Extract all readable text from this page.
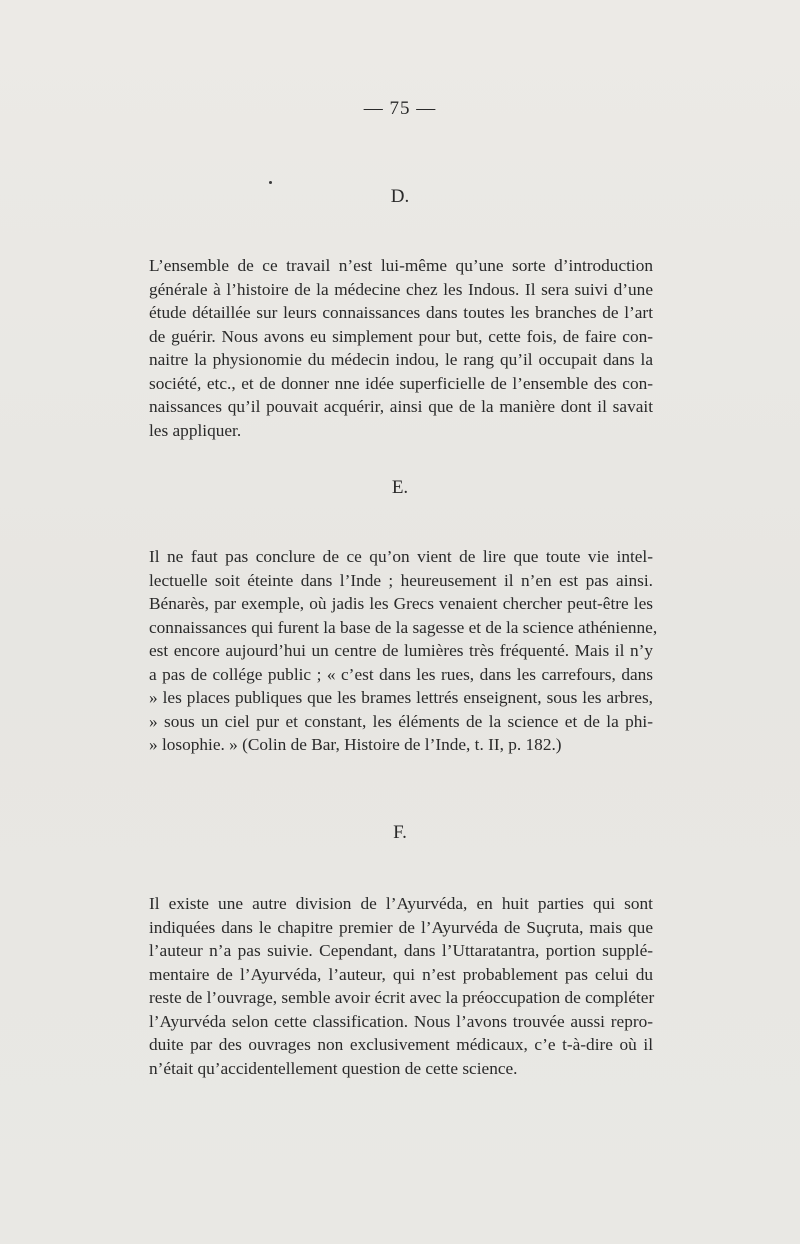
— 75 —
D.
L’ensemble de ce travail n’est lui-même qu’une sorte d’introduction
générale à l’histoire de la médecine chez les Indous. Il sera suivi d’une
étude détaillée sur leurs connaissances dans toutes les branches de l’art
de guérir. Nous avons eu simplement pour but, cette fois, de faire con-
naitre la physionomie du médecin indou, le rang qu’il occupait dans la
société, etc., et de donner nne idée superficielle de l’ensemble des con-
naissances qu’il pouvait acquérir, ainsi que de la manière dont il savait
les appliquer.
E.
Il ne faut pas conclure de ce qu’on vient de lire que toute vie intel-
lectuelle soit éteinte dans l’Inde ; heureusement il n’en est pas ainsi.
Bénarès, par exemple, où jadis les Grecs venaient chercher peut-être les
connaissances qui furent la base de la sagesse et de la science athénienne,
est encore aujourd’hui un centre de lumières très fréquenté. Mais il n’y
a pas de collége public ; « c’est dans les rues, dans les carrefours, dans
» les places publiques que les brames lettrés enseignent, sous les arbres,
» sous un ciel pur et constant, les éléments de la science et de la phi-
» losophie. » (Colin de Bar, Histoire de l’Inde, t. II, p. 182.)
F.
Il existe une autre division de l’Ayurvéda, en huit parties qui sont
indiquées dans le chapitre premier de l’Ayurvéda de Suçruta, mais que
l’auteur n’a pas suivie. Cependant, dans l’Uttaratantra, portion supplé-
mentaire de l’Ayurvéda, l’auteur, qui n’est probablement pas celui du
reste de l’ouvrage, semble avoir écrit avec la préoccupation de compléter
l’Ayurvéda selon cette classification. Nous l’avons trouvée aussi repro-
duite par des ouvrages non exclusivement médicaux, c’e t-à-dire où il
n’était qu’accidentellement question de cette science.
